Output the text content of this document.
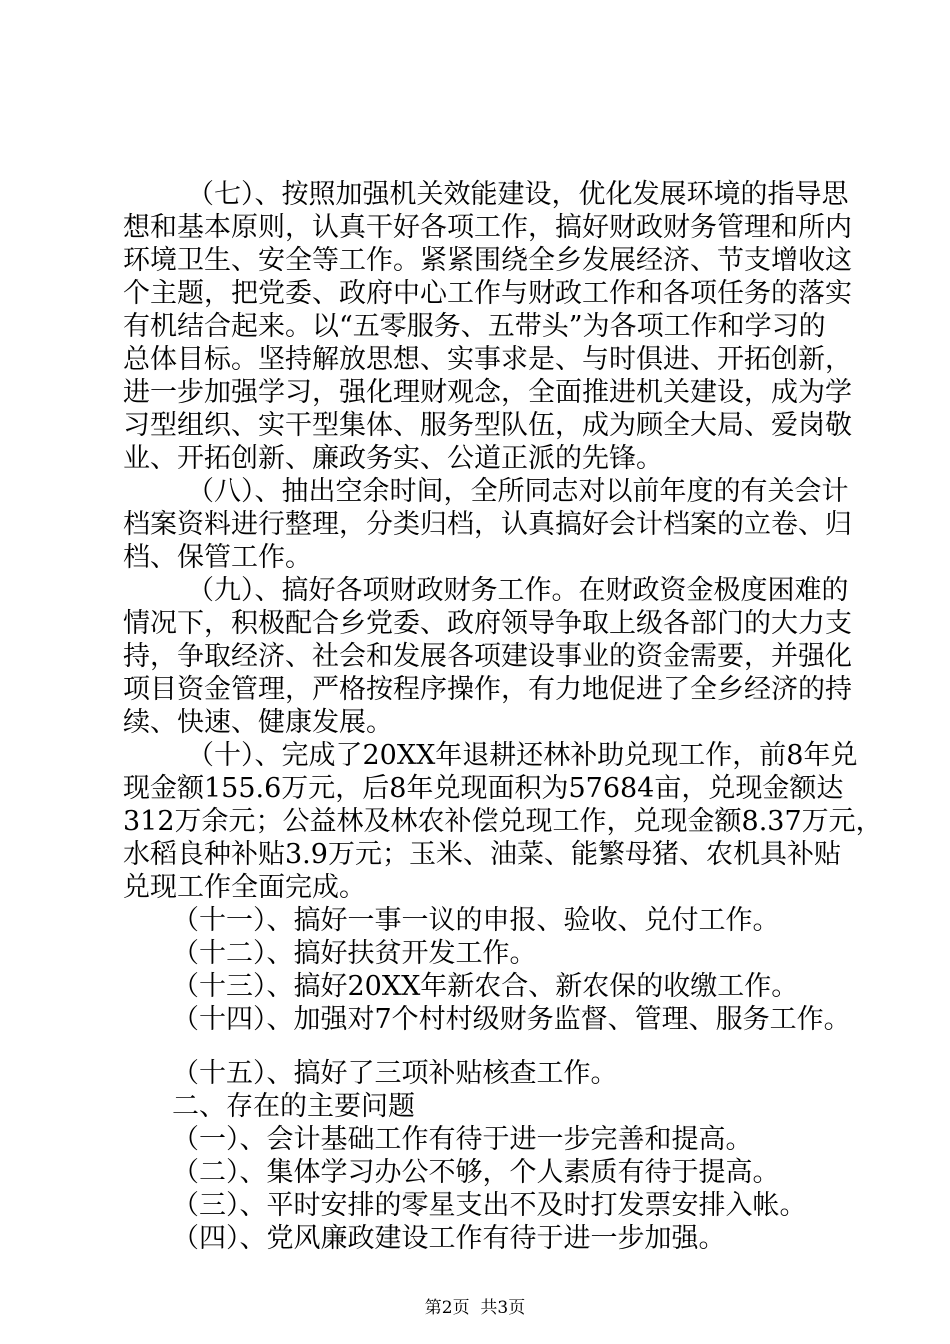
（七）、按照加强机关效能建设，优化发展环境的指导思
想和基本原则，认真干好各项工作，搞好财政财务管理和所内
环境卫生、安全等工作。紧紧围绕全乡发展经济、节支增收这
个主题，把党委、政府中心工作与财政工作和各项任务的落实
有机结合起来。以“五零服务、五带头”为各项工作和学习的
总体目标。坚持解放思想、实事求是、与时俱进、开拓创新，
进一步加强学习，强化理财观念，全面推进机关建设，成为学
习型组织、实干型集体、服务型队伍，成为顾全大局、爱岗敬
业、开拓创新、廉政务实、公道正派的先锋。
（八）、抽出空余时间，全所同志对以前年度的有关会计
档案资料进行整理，分类归档，认真搞好会计档案的立卷、归
档、保管工作。
（九）、搞好各项财政财务工作。在财政资金极度困难的
情况下，积极配合乡党委、政府领导争取上级各部门的大力支
持，争取经济、社会和发展各项建设事业的资金需要，并强化
项目资金管理，严格按程序操作，有力地促进了全乡经济的持
续、快速、健康发展。
（十）、完成了20XX年退耕还林补助兑现工作，前8年兑
现金额155.6万元，后8年兑现面积为57684亩，兑现金额达
312万余元；公益林及林农补偿兑现工作，兑现金额8.37万元，
水稻良种补贴3.9万元；玉米、油菜、能繁母猪、农机具补贴
兑现工作全面完成。
（十一）、搞好一事一议的申报、验收、兑付工作。
（十二）、搞好扶贫开发工作。
（十三）、搞好20XX年新农合、新农保的收缴工作。
（十四）、加强对7个村村级财务监督、管理、服务工作。
（十五）、搞好了三项补贴核查工作。
二、存在的主要问题
（一）、会计基础工作有待于进一步完善和提高。
（二）、集体学习办公不够，个人素质有待于提高。
（三）、平时安排的零星支出不及时打发票安排入帐。
（四）、党风廉政建设工作有待于进一步加强。
第2页  共3页
